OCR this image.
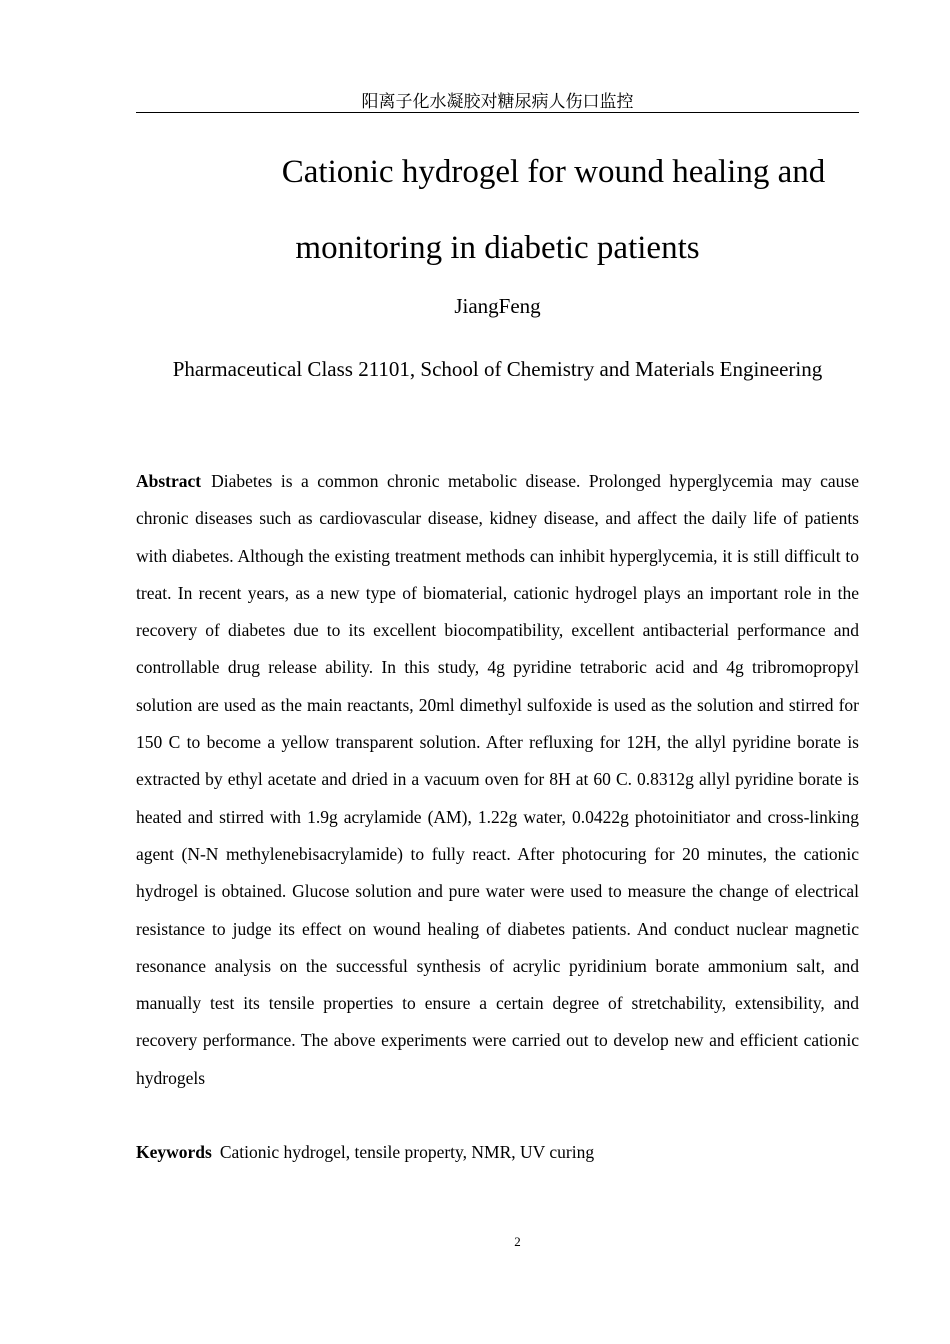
阳离子化水凝胶对糖尿病人伤口监控
Cationic hydrogel for wound healing and
monitoring in diabetic patients
JiangFeng
Pharmaceutical Class 21101, School of Chemistry and Materials Engineering

Abstract Diabetes is a common chronic metabolic disease. Prolonged hyperglycemia may cause chronic diseases such as cardiovascular disease, kidney disease, and affect the daily life of patients with diabetes. Although the existing treatment methods can inhibit hyperglycemia, it is still difficult to treat. In recent years, as a new type of biomaterial, cationic hydrogel plays an important role in the recovery of diabetes due to its excellent biocompatibility, excellent antibacterial performance and controllable drug release ability. In this study, 4g pyridine tetraboric acid and 4g tribromopropyl solution are used as the main reactants, 20ml dimethyl sulfoxide is used as the solution and stirred for 150 C to become a yellow transparent solution. After refluxing for 12H, the allyl pyridine borate is extracted by ethyl acetate and dried in a vacuum oven for 8H at 60 C. 0.8312g allyl pyridine borate is heated and stirred with 1.9g acrylamide (AM), 1.22g water, 0.0422g photoinitiator and cross-linking agent (N-N methylenebisacrylamide) to fully react. After photocuring for 20 minutes, the cationic hydrogel is obtained. Glucose solution and pure water were used to measure the change of electrical resistance to judge its effect on wound healing of diabetes patients. And conduct nuclear magnetic resonance analysis on the successful synthesis of acrylic pyridinium borate ammonium salt, and manually test its tensile properties to ensure a certain degree of stretchability, extensibility, and recovery performance. The above experiments were carried out to develop new and efficient cationic hydrogels

Keywords Cationic hydrogel, tensile property, NMR, UV curing

2
